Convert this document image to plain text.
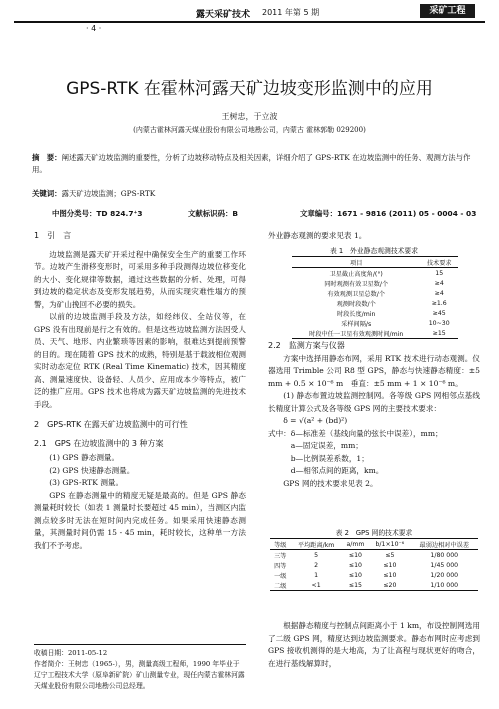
· 4 ·
露天采矿技术 2011 年第 5 期	采矿工程
GPS-RTK 在霍林河露天矿边坡变形监测中的应用
王树忠，于立波
(内蒙古霍林河露天煤业股份有限公司地勘公司，内蒙古 霍林郭勒 029200)
摘　要：阐述露天矿边坡监测的重要性，分析了边坡移动特点及相关因素，详细介绍了 GPS-RTK 在边坡监测中的任务、观测方法与作用。
关键词：露天矿边坡监测；GPS-RTK
中图分类号：TD 824.7⁺3	文献标识码：B	文章编号：1671 - 9816 (2011) 05 - 0004 - 03
1　引　言

边坡监测是露天矿开采过程中确保安全生产的重要工作环节。边坡产生滑移变形时，可采用多种手段测得边坡位移变化的大小、变化规律等数据，通过这些数据的分析、处理，可得到边坡的稳定状态及变形发展趋势，从而实现灾难性塌方的预警，为矿山挽回不必要的损失。

以前的边坡监测手段及方法，如经纬仪、全站仪等，在 GPS 没有出现前是行之有效的。但是这些边坡监测方法因受人员、天气、地形、内业繁琐等因素的影响，很难达到提前预警的目的。现在随着 GPS 技术的成熟，特别是基于载波相位观测实时动态定位 RTK (Real Time Kinematic) 技术，因其精度高、测量速度快、设备轻、人员少、应用成本少等特点，被广泛的推广应用。GPS 技术也将成为露天矿边坡监测的先进技术手段。

2　GPS-RTK 在露天矿边坡监测中的可行性
2.1　GPS 在边坡监测中的 3 种方案

(1) GPS 静态测量。

(2) GPS 快速静态测量。

(3) GPS-RTK 测量。

GPS 在静态测量中的精度无疑是最高的。但是 GPS 静态测量耗时较长（如表 1 测量时长要超过 45 min），当测区内监测点较多时无法在短时间内完成任务。如果采用快速静态测量，其测量时间仍需 15 - 45 min，耗时较长，这种单一方法我们不予考虑。

收稿日期：2011-05-12
作者简介：王树忠（1965-），男，测量高级工程师，1990 年毕业于辽宁工程技术大学（原阜新矿院）矿山测量专业，现任内蒙古霍林河露天煤业股份有限公司地勘公司总经理。
外业静态观测的要求见表 1。
表 1　外业静态观测技术要求
项目	技术要求
卫星截止高度角/(°)	15
同时观测有效卫星数/个	≥4
有效观测卫星总数/个	≥4
观测时段数/个	≥1.6
时段长度/min	≥45
采样间隔/s	10~30
时段中任一卫星有效观测时间/min	≥15
2.2　监测方案与仪器

方案中选择用静态布网，采用 RTK 技术进行动态观测。仪器选用 Trimble 公司 R8 型 GPS，静态与快速静态精度：±5 mm + 0.5 × 10⁻⁶ m　垂直：±5 mm + 1 × 10⁻⁶ m。

(1) 静态布置边坡监测控制网。各等级 GPS 网相邻点基线长精度计算公式及各等级 GPS 网的主要技术要求：

δ = √(a² + (bd)²)

式中：δ—标准差（基线向量的弦长中误差），mm；

a—固定误差，mm；

b—比例误差系数，1；

d—相邻点间的距离，km。

GPS 网的技术要求见表 2。

表 2　GPS 网的技术要求
等级	平均距离/km	a/mm	b/1×10⁻⁶	最弱边相对中误差
三等	5	≤10	≤5	1/80 000
四等	2	≤10	≤10	1/45 000
一级	1	≤10	≤10	1/20 000
二级	<1	≤15	≤20	1/10 000

根据静态精度与控制点间距离小于 1 km，布设控制网选用了二级 GPS 网，精度达到边坡监测要求。静态布网时应考虑到 GPS 接收机测得的是大地高，为了让高程与现状更好的吻合，在进行基线解算时，
